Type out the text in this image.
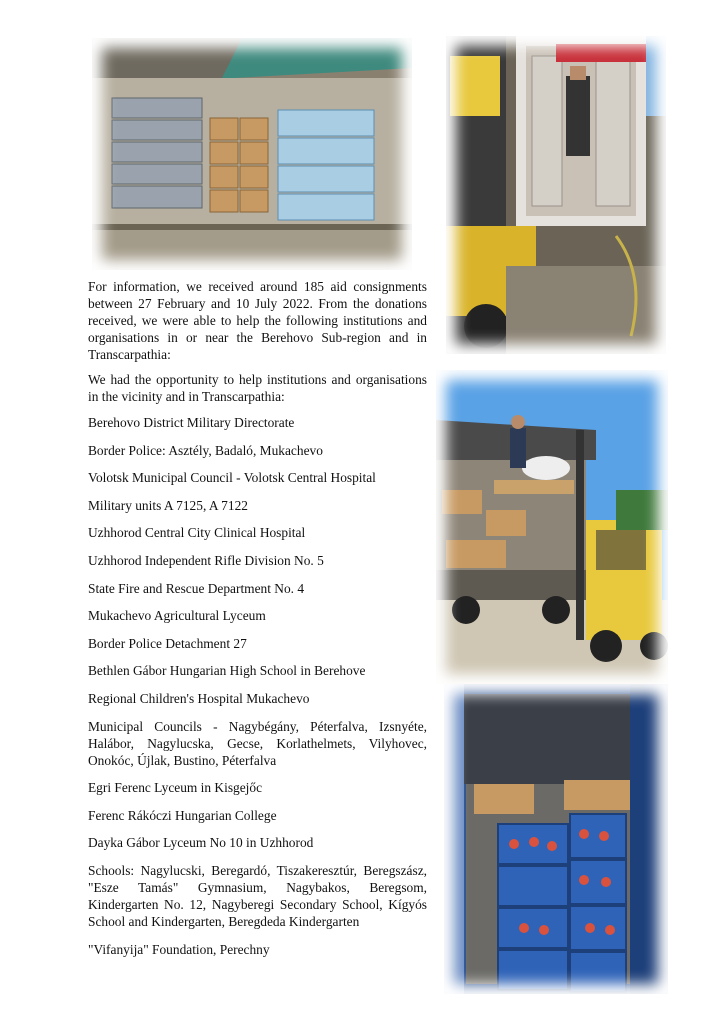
For information, we received around 185 aid consignments between 27 February and 10 July 2022. From the donations received, we were able to help the following institutions and organisations in or near the Berehovo Sub-region and in Transcarpathia:

We had the opportunity to help institutions and organisations in the vicinity and in Transcarpathia:

Berehovo District Military Directorate

Border Police: Asztély, Badaló, Mukachevo

Volotsk Municipal Council - Volotsk Central Hospital

Military units A 7125, A 7122

Uzhhorod Central City Clinical Hospital

Uzhhorod Independent Rifle Division No. 5

State Fire and Rescue Department No. 4

Mukachevo Agricultural Lyceum

Border Police Detachment 27

Bethlen Gábor Hungarian High School in Berehove

Regional Children's Hospital Mukachevo

Municipal Councils - Nagybégány, Péterfalva, Izsnyéte, Halábor, Nagylucska, Gecse, Korlathelmets, Vilyhovec, Onokóc, Újlak, Bustino, Péterfalva

Egri Ferenc Lyceum in Kisgejőc

Ferenc Rákóczi Hungarian College

Dayka Gábor Lyceum No 10 in Uzhhorod

Schools: Nagylucski, Beregardó, Tiszakeresztúr, Beregszász, "Esze Tamás" Gymnasium, Nagybakos, Beregsom, Kindergarten No. 12, Nagyberegi Secondary School, Kígyós School and Kindergarten, Beregdeda Kindergarten

"Vifanyija" Foundation, Perechny
